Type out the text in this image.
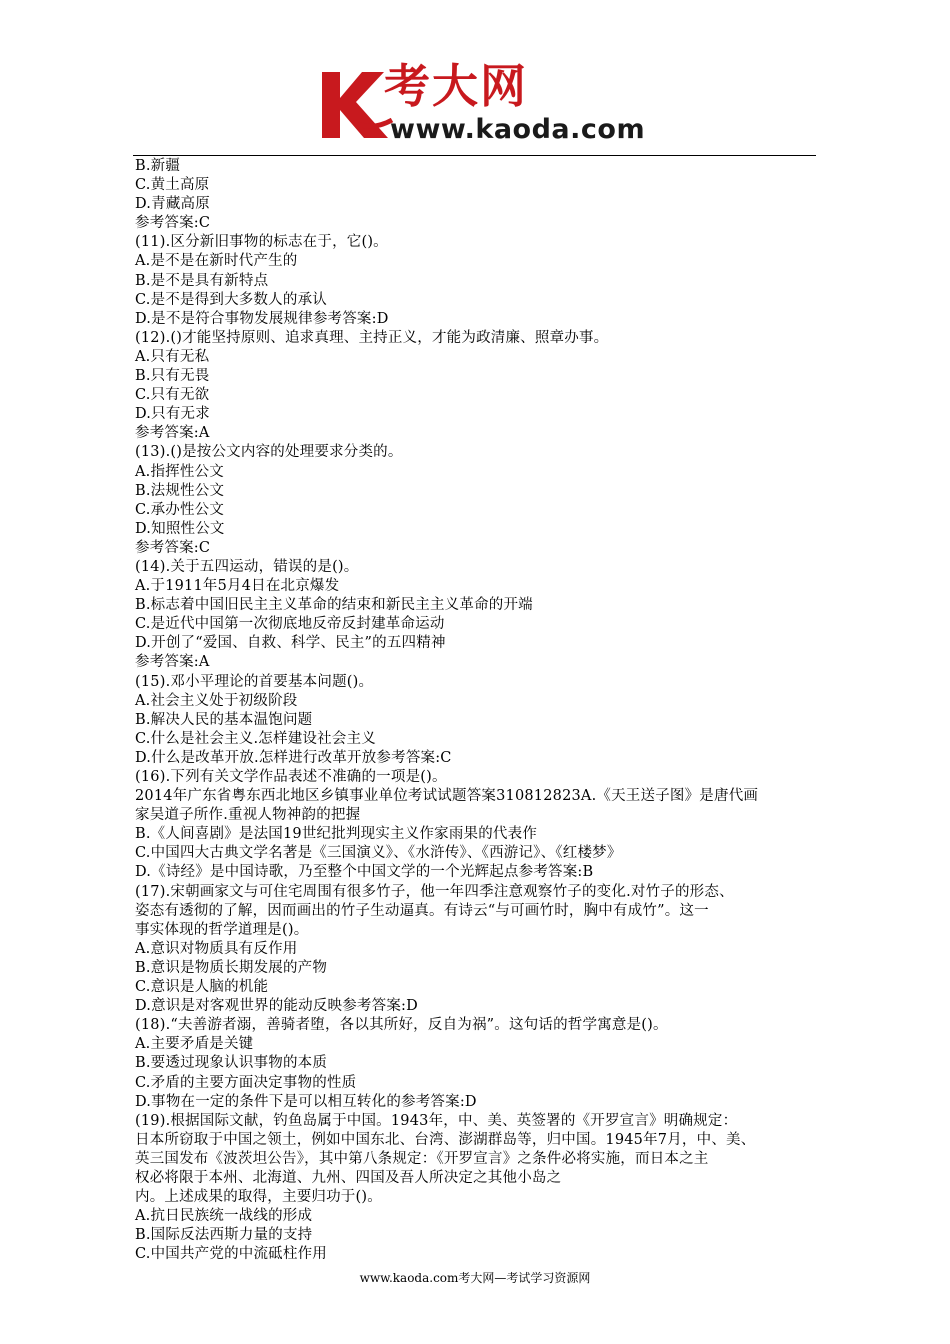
考大网
www.kaoda.com
B.新疆
C.黄土高原
D.青藏高原
参考答案:C
(11).区分新旧事物的标志在于，它()。
A.是不是在新时代产生的
B.是不是具有新特点
C.是不是得到大多数人的承认
D.是不是符合事物发展规律参考答案:D
(12).()才能坚持原则、追求真理、主持正义，才能为政清廉、照章办事。
A.只有无私
B.只有无畏
C.只有无欲
D.只有无求
参考答案:A
(13).()是按公文内容的处理要求分类的。
A.指挥性公文
B.法规性公文
C.承办性公文
D.知照性公文
参考答案:C
(14).关于五四运动，错误的是()。
A.于1911年5月4日在北京爆发
B.标志着中国旧民主主义革命的结束和新民主主义革命的开端
C.是近代中国第一次彻底地反帝反封建革命运动
D.开创了“爱国、自救、科学、民主”的五四精神
参考答案:A
(15).邓小平理论的首要基本问题()。
A.社会主义处于初级阶段
B.解决人民的基本温饱问题
C.什么是社会主义.怎样建设社会主义
D.什么是改革开放.怎样进行改革开放参考答案:C
(16).下列有关文学作品表述不准确的一项是()。
2014年广东省粤东西北地区乡镇事业单位考试试题答案310812823A.《天王送子图》是唐代画
家吴道子所作.重视人物神韵的把握
B.《人间喜剧》是法国19世纪批判现实主义作家雨果的代表作
C.中国四大古典文学名著是《三国演义》、《水浒传》、《西游记》、《红楼梦》
D.《诗经》是中国诗歌，乃至整个中国文学的一个光辉起点参考答案:B
(17).宋朝画家文与可住宅周围有很多竹子，他一年四季注意观察竹子的变化.对竹子的形态、
姿态有透彻的了解，因而画出的竹子生动逼真。有诗云“与可画竹时，胸中有成竹”。这一
事实体现的哲学道理是()。
A.意识对物质具有反作用
B.意识是物质长期发展的产物
C.意识是人脑的机能
D.意识是对客观世界的能动反映参考答案:D
(18).“夫善游者溺，善骑者堕，各以其所好，反自为祸”。这句话的哲学寓意是()。
A.主要矛盾是关键
B.要透过现象认识事物的本质
C.矛盾的主要方面决定事物的性质
D.事物在一定的条件下是可以相互转化的参考答案:D
(19).根据国际文献，钓鱼岛属于中国。1943年，中、美、英签署的《开罗宣言》明确规定：
日本所窃取于中国之领土，例如中国东北、台湾、澎湖群岛等，归中国。1945年7月，中、美、
英三国发布《波茨坦公告》，其中第八条规定：《开罗宣言》之条件必将实施，而日本之主
权必将限于本州、北海道、九州、四国及吾人所决定之其他小岛之
内。上述成果的取得，主要归功于()。
A.抗日民族统一战线的形成
B.国际反法西斯力量的支持
C.中国共产党的中流砥柱作用
www.kaoda.com考大网—考试学习资源网
